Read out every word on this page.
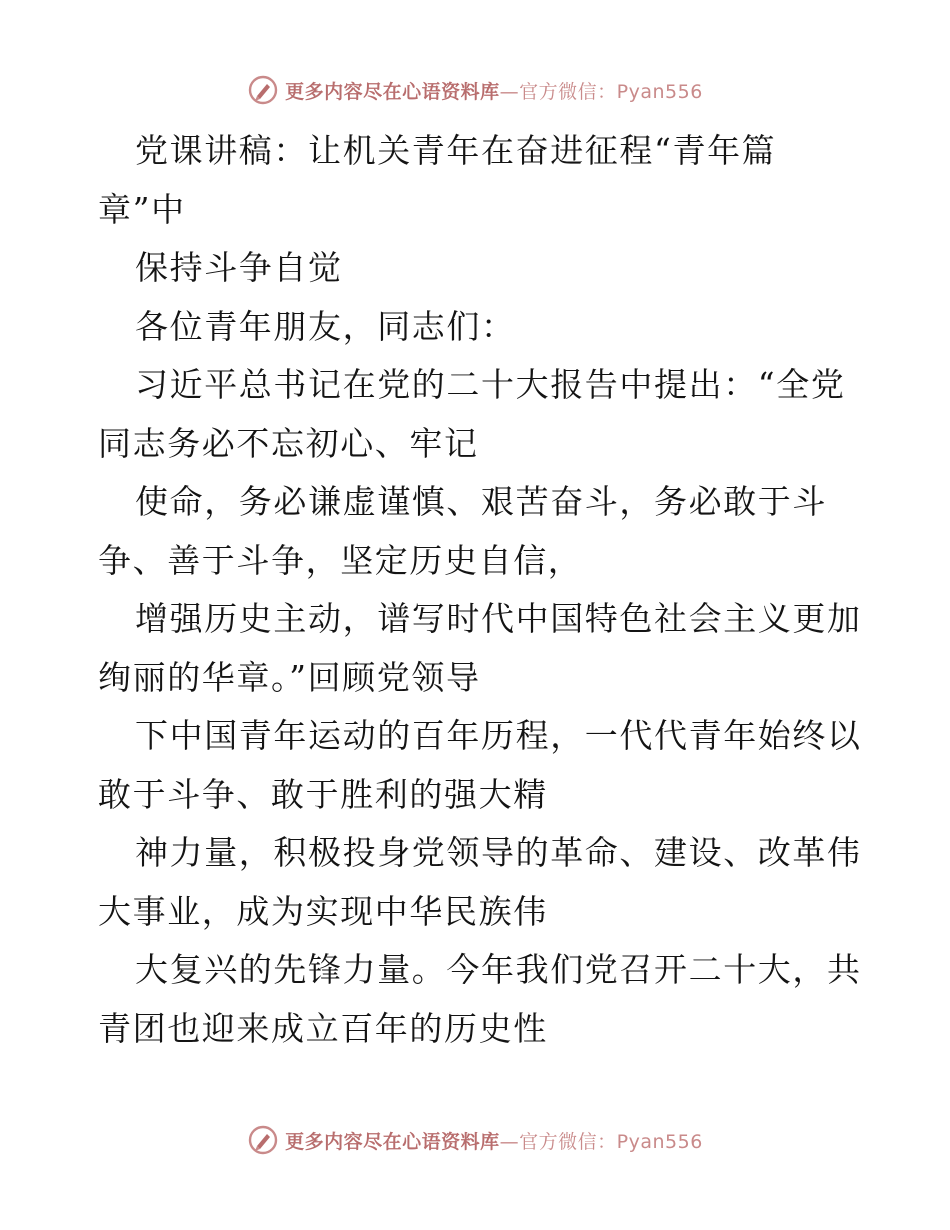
更多内容尽在心语资料库—官方微信：Pyan556
党课讲稿：让机关青年在奋进征程“青年篇
章”中
保持斗争自觉
各位青年朋友，同志们：
习近平总书记在党的二十大报告中提出：“全党
同志务必不忘初心、牢记
使命，务必谦虚谨慎、艰苦奋斗，务必敢于斗
争、善于斗争，坚定历史自信，
增强历史主动，谱写时代中国特色社会主义更加
绚丽的华章。”回顾党领导
下中国青年运动的百年历程，一代代青年始终以
敢于斗争、敢于胜利的强大精
神力量，积极投身党领导的革命、建设、改革伟
大事业，成为实现中华民族伟
大复兴的先锋力量。今年我们党召开二十大，共
青团也迎来成立百年的历史性
更多内容尽在心语资料库—官方微信：Pyan556
